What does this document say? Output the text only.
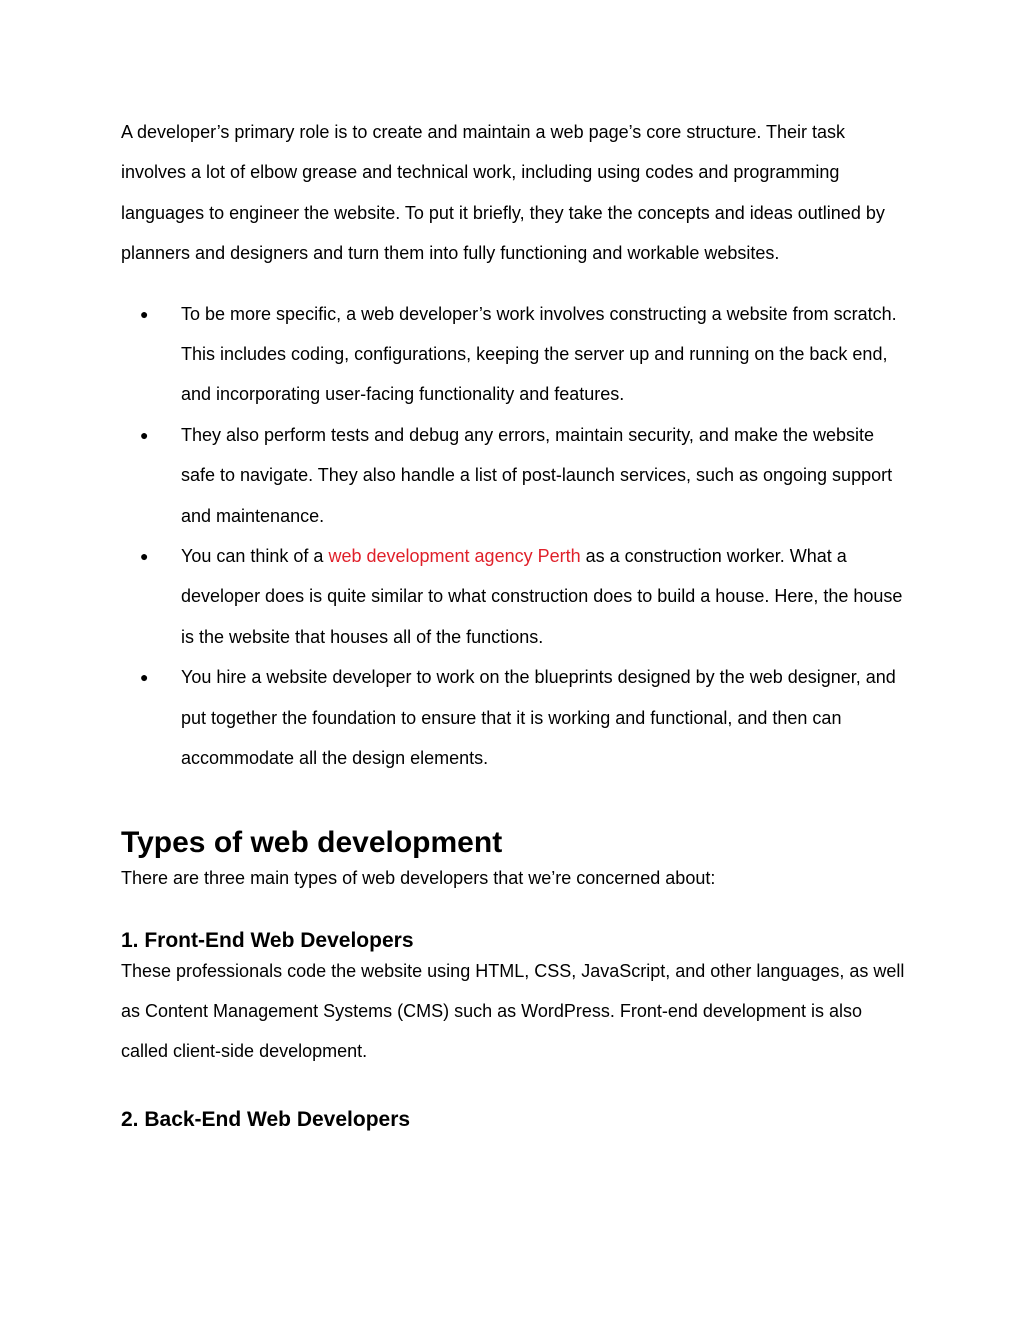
A developer’s primary role is to create and maintain a web page’s core structure. Their task involves a lot of elbow grease and technical work, including using codes and programming languages to engineer the website. To put it briefly, they take the concepts and ideas outlined by planners and designers and turn them into fully functioning and workable websites.

● To be more specific, a web developer’s work involves constructing a website from scratch. This includes coding, configurations, keeping the server up and running on the back end, and incorporating user-facing functionality and features.
● They also perform tests and debug any errors, maintain security, and make the website safe to navigate. They also handle a list of post-launch services, such as ongoing support and maintenance.
● You can think of a web development agency Perth as a construction worker. What a developer does is quite similar to what construction does to build a house. Here, the house is the website that houses all of the functions.
● You hire a website developer to work on the blueprints designed by the web designer, and put together the foundation to ensure that it is working and functional, and then can accommodate all the design elements.
Types of web development

There are three main types of web developers that we’re concerned about:

1. Front-End Web Developers

These professionals code the website using HTML, CSS, JavaScript, and other languages, as well as Content Management Systems (CMS) such as WordPress. Front-end development is also called client-side development.

2. Back-End Web Developers
